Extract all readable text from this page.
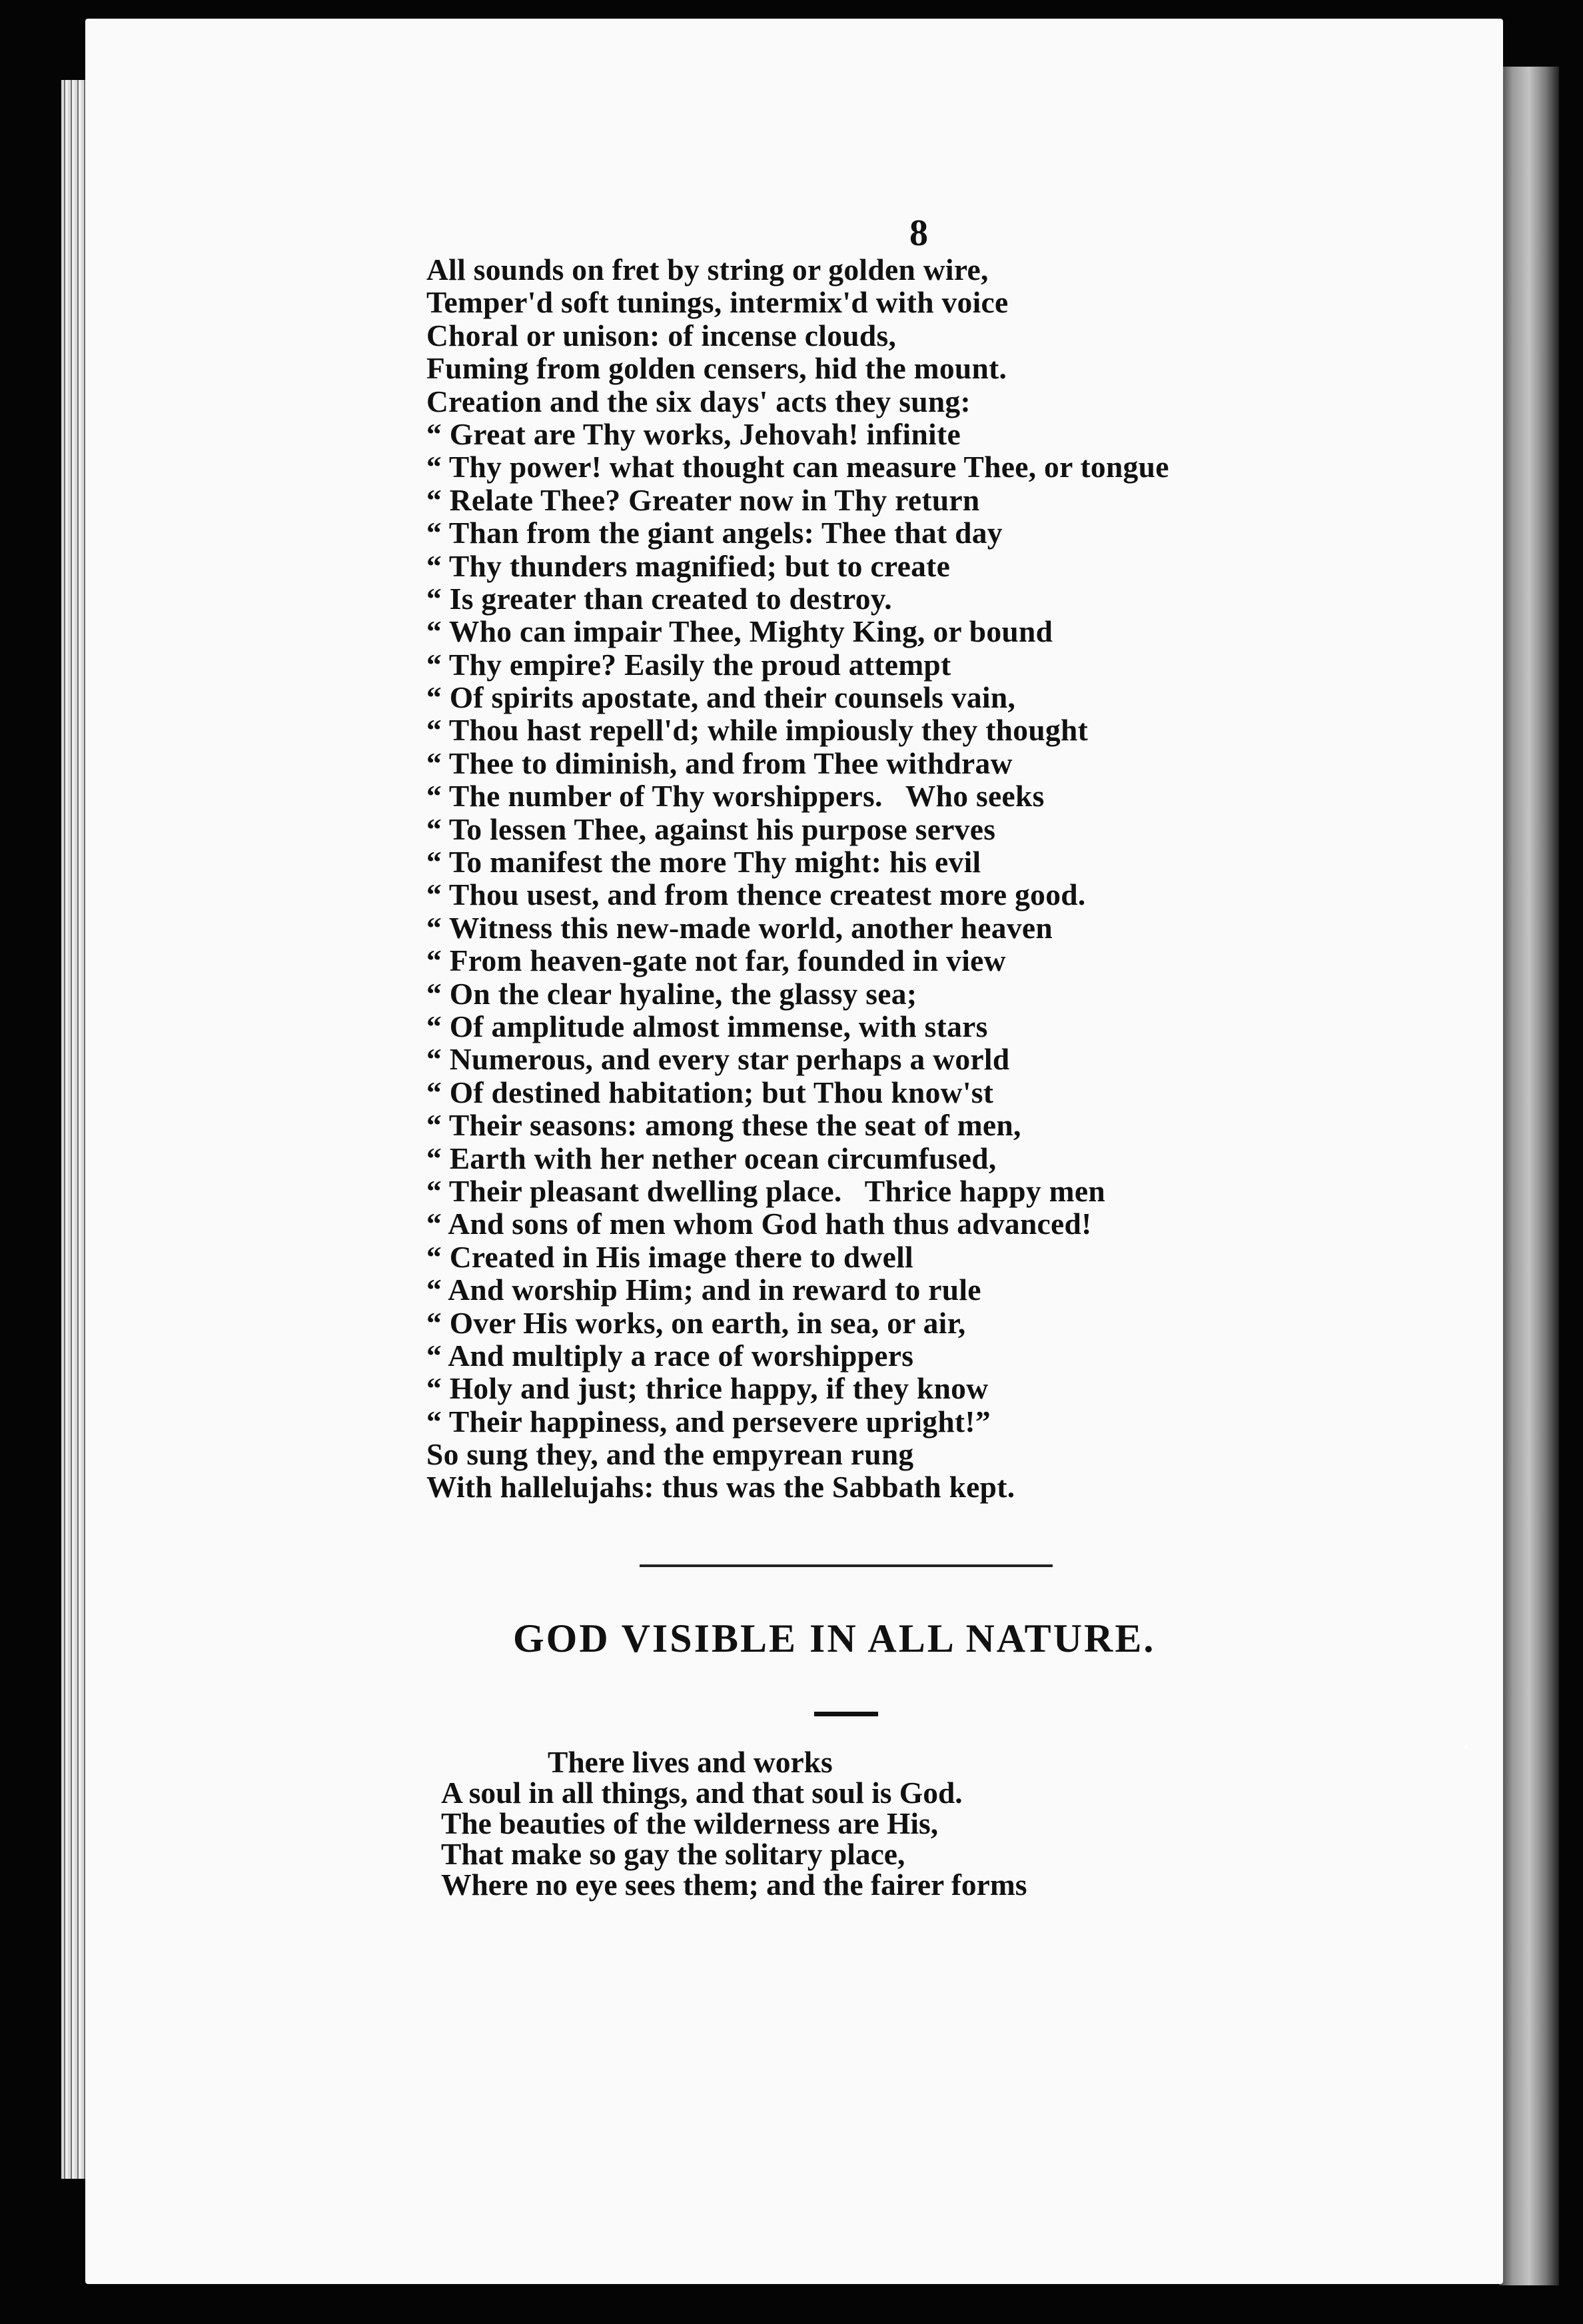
8
All sounds on fret by string or golden wire,
Temper'd soft tunings, intermix'd with voice
Choral or unison: of incense clouds,
Fuming from golden censers, hid the mount.
Creation and the six days' acts they sung:
“ Great are Thy works, Jehovah! infinite
“ Thy power! what thought can measure Thee, or tongue
“ Relate Thee? Greater now in Thy return
“ Than from the giant angels: Thee that day
“ Thy thunders magnified; but to create
“ Is greater than created to destroy.
“ Who can impair Thee, Mighty King, or bound
“ Thy empire? Easily the proud attempt
“ Of spirits apostate, and their counsels vain,
“ Thou hast repell'd; while impiously they thought
“ Thee to diminish, and from Thee withdraw
“ The number of Thy worshippers.   Who seeks
“ To lessen Thee, against his purpose serves
“ To manifest the more Thy might: his evil
“ Thou usest, and from thence createst more good.
“ Witness this new-made world, another heaven
“ From heaven-gate not far, founded in view
“ On the clear hyaline, the glassy sea;
“ Of amplitude almost immense, with stars
“ Numerous, and every star perhaps a world
“ Of destined habitation; but Thou know'st
“ Their seasons: among these the seat of men,
“ Earth with her nether ocean circumfused,
“ Their pleasant dwelling place.   Thrice happy men
“ And sons of men whom God hath thus advanced!
“ Created in His image there to dwell
“ And worship Him; and in reward to rule
“ Over His works, on earth, in sea, or air,
“ And multiply a race of worshippers
“ Holy and just; thrice happy, if they know
“ Their happiness, and persevere upright!”
So sung they, and the empyrean rung
With hallelujahs: thus was the Sabbath kept.
GOD VISIBLE IN ALL NATURE.
There lives and works
A soul in all things, and that soul is God.
The beauties of the wilderness are His,
That make so gay the solitary place,
Where no eye sees them; and the fairer forms
